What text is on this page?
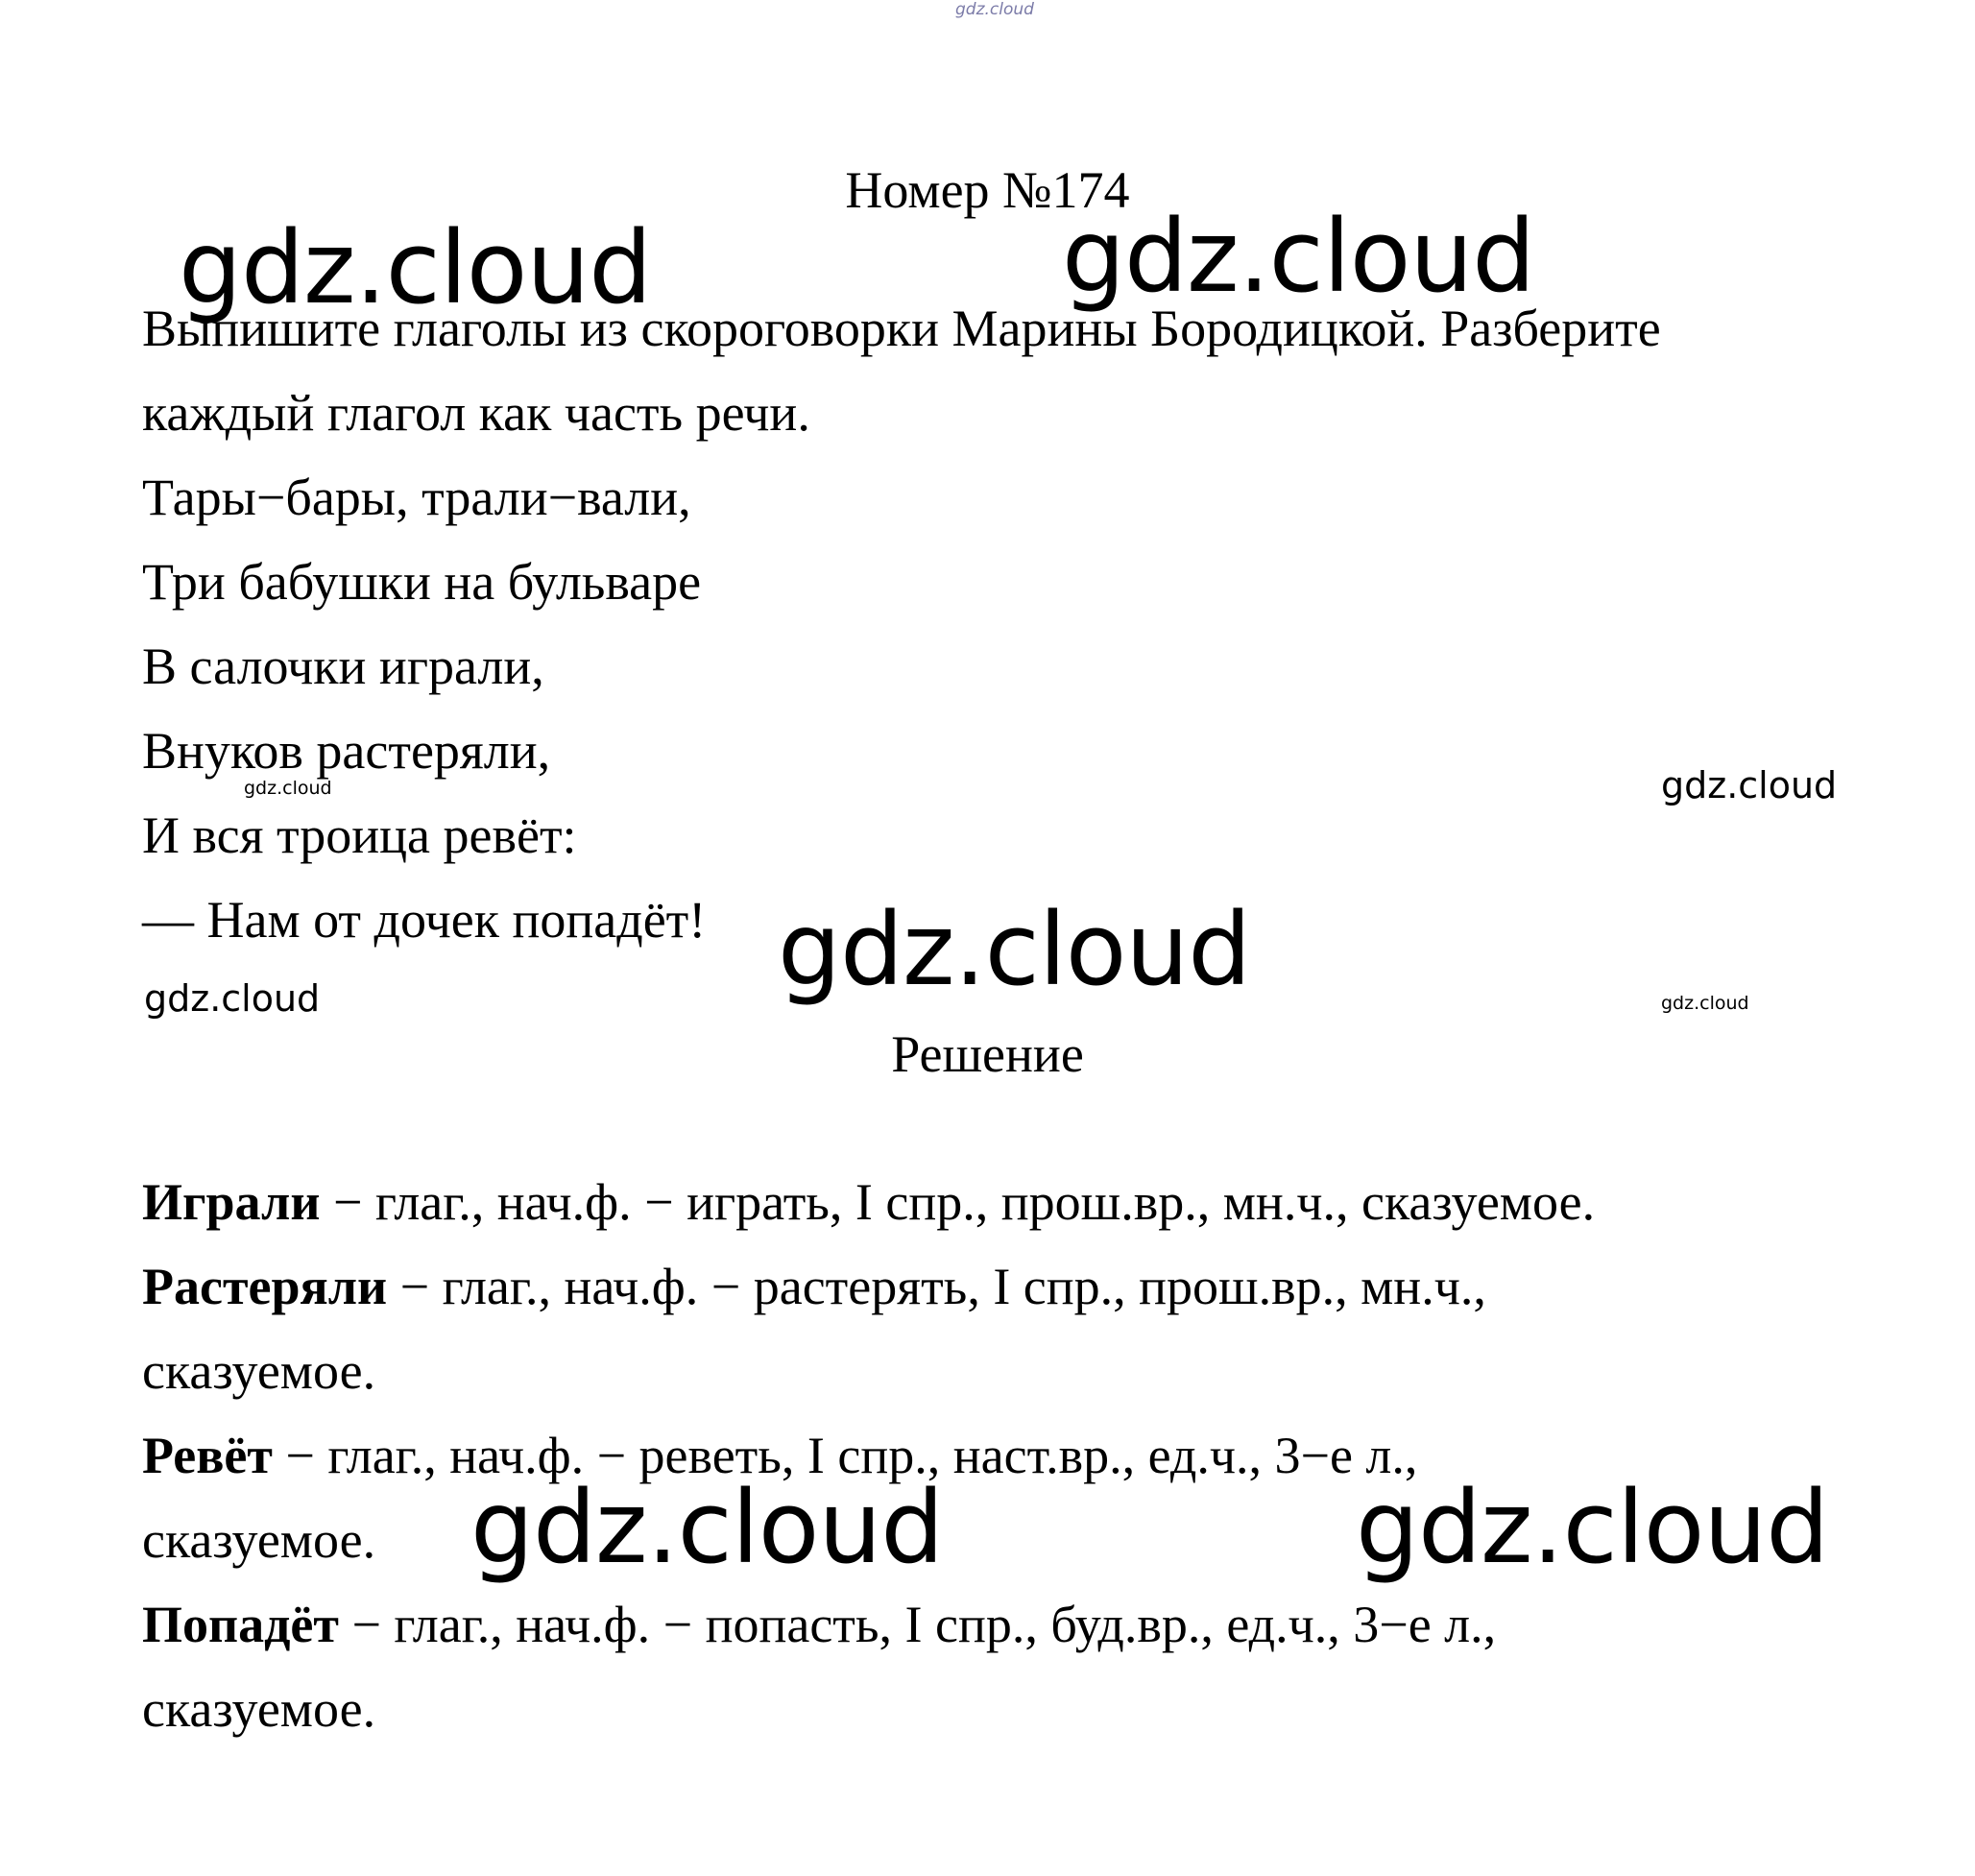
gdz.cloud
Номер №174
Выпишите глаголы из скороговорки Марины Бородицкой. Разберите
каждый глагол как часть речи.
Тары−бары, трали−вали,
Три бабушки на бульваре
В салочки играли,
Внуков растеряли,
И вся троица ревёт:
— Нам от дочек попадёт!
Решение
Играли − глаг., нач.ф. − играть, I спр., прош.вр., мн.ч., сказуемое.
Растеряли − глаг., нач.ф. − растерять, I спр., прош.вр., мн.ч.,
сказуемое.
Ревёт − глаг., нач.ф. − реветь, I спр., наст.вр., ед.ч., 3−е л.,
сказуемое.
Попадёт − глаг., нач.ф. − попасть, I спр., буд.вр., ед.ч., 3−е л.,
сказуемое.
gdz.cloud	gdz.cloud
gdz.cloud
gdz.cloud	gdz.cloud
gdz.cloud
gdz.cloud
gdz.cloud
gdz.cloud
